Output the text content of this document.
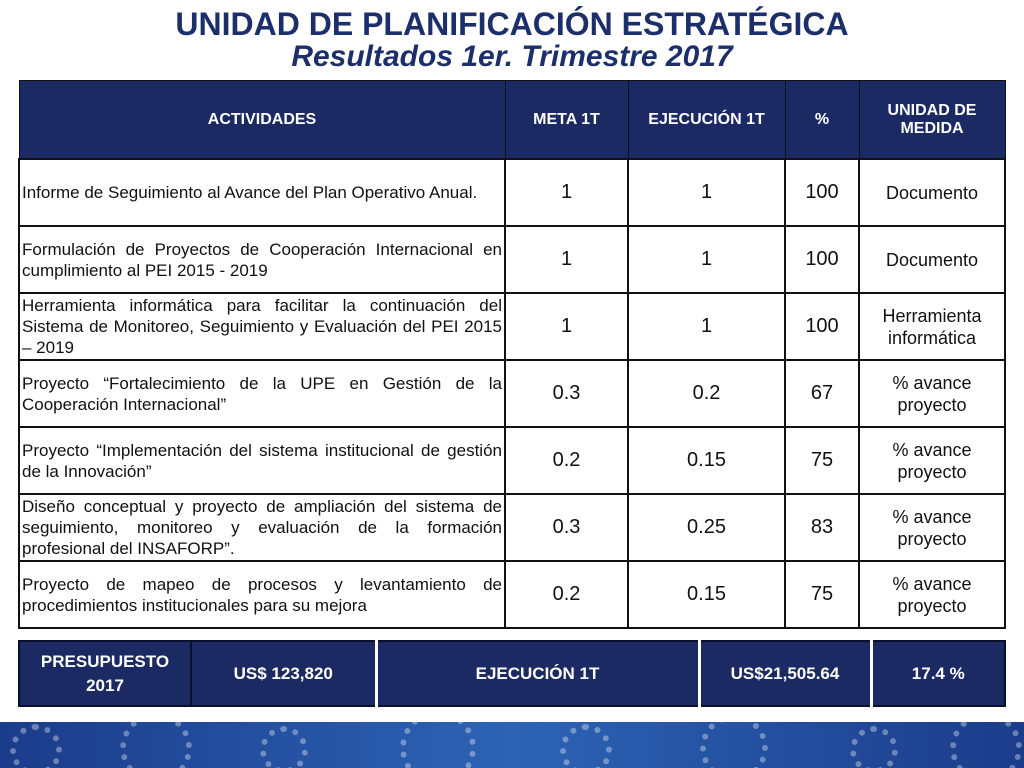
UNIDAD DE PLANIFICACIÓN ESTRATÉGICA
Resultados 1er. Trimestre 2017
ACTIVIDADES	META 1T	EJECUCIÓN 1T	%	UNIDAD DE MEDIDA
Informe de Seguimiento al Avance del Plan Operativo Anual.	1	1	100	Documento
Formulación de Proyectos de Cooperación Internacional en cumplimiento al PEI 2015 - 2019	1	1	100	Documento
Herramienta informática para facilitar la continuación del Sistema de Monitoreo, Seguimiento y Evaluación del PEI 2015 – 2019	1	1	100	Herramienta informática
Proyecto “Fortalecimiento de la UPE en Gestión de la Cooperación Internacional”	0.3	0.2	67	% avance proyecto
Proyecto “Implementación del sistema institucional de gestión de la Innovación”	0.2	0.15	75	% avance proyecto
Diseño conceptual y proyecto de ampliación del sistema de seguimiento, monitoreo y evaluación de la formación profesional del INSAFORP”.	0.3	0.25	83	% avance proyecto
Proyecto de mapeo de procesos y levantamiento de procedimientos institucionales para su mejora	0.2	0.15	75	% avance proyecto
PRESUPUESTO 2017	US$ 123,820	EJECUCIÓN 1T	US$21,505.64	17.4 %
